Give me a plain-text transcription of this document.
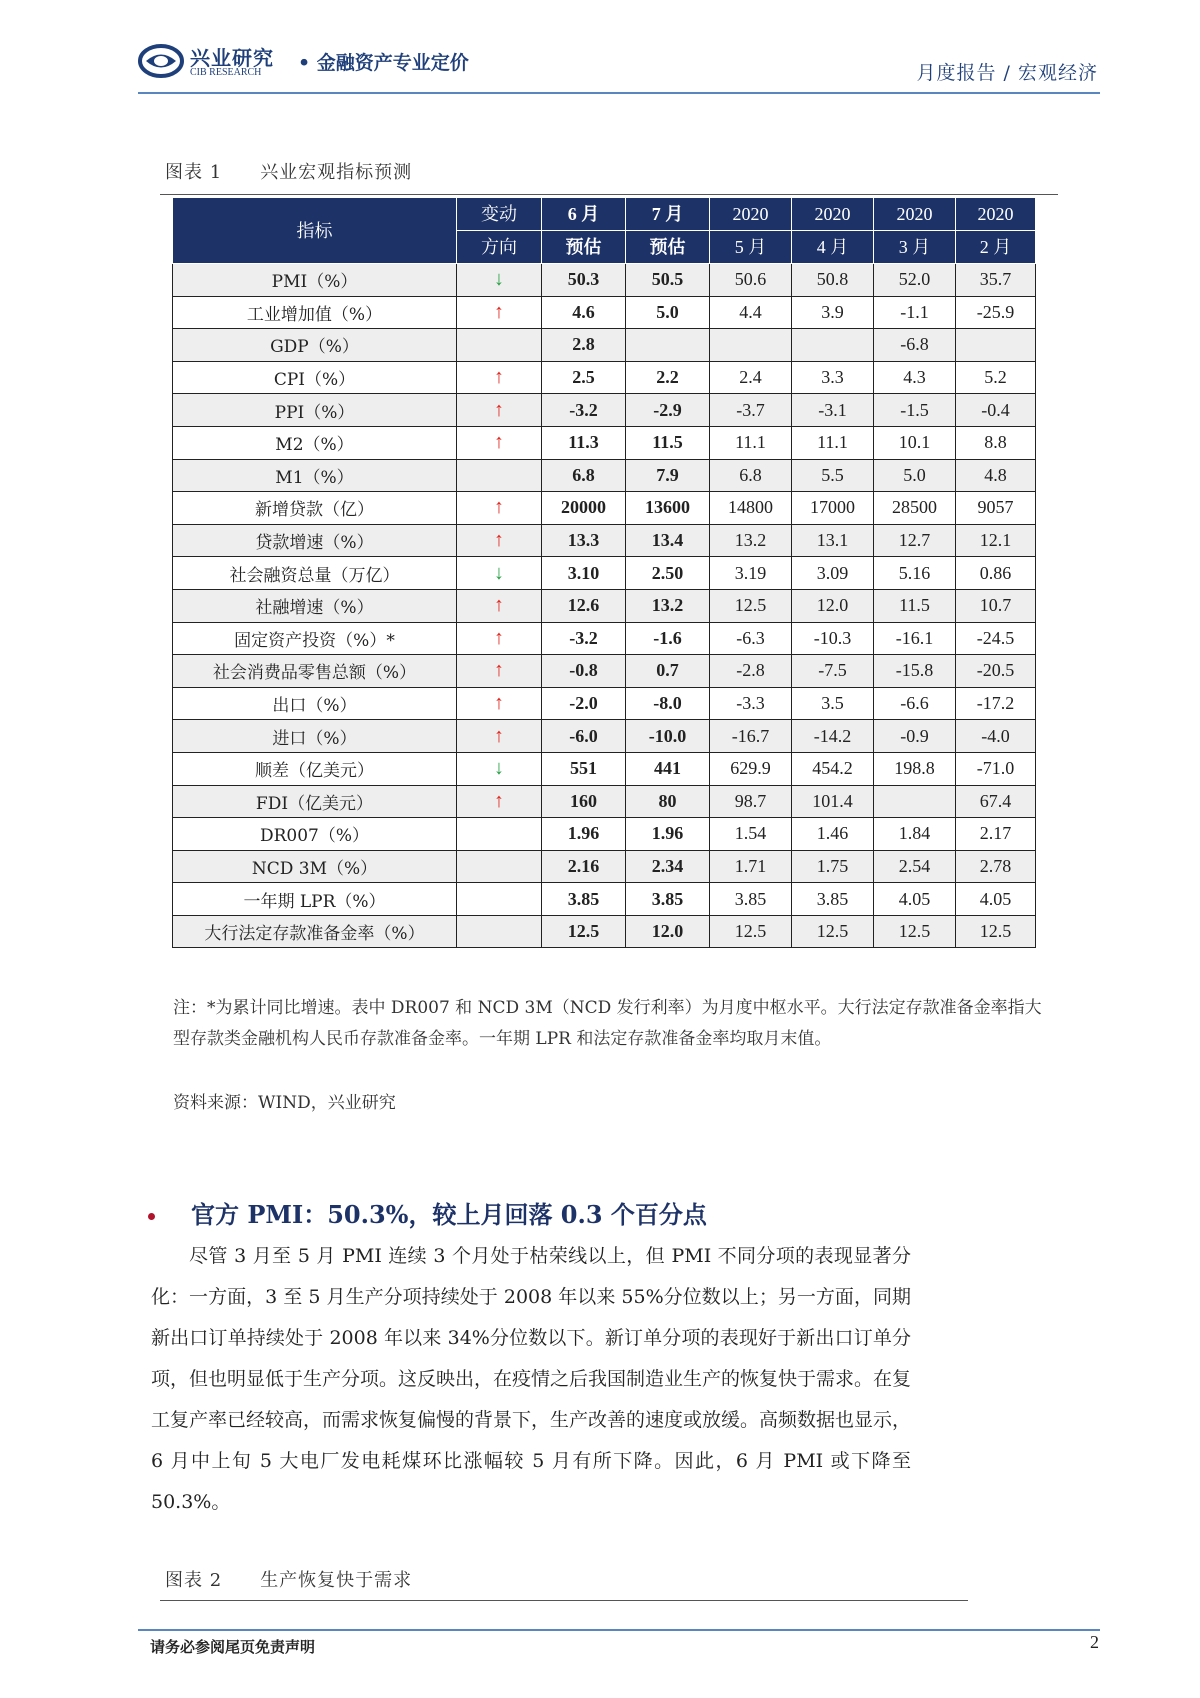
兴业研究
CIB RESEARCH • 金融资产专业定价	月度报告 / 宏观经济
图表 1 兴业宏观指标预测
指标	变动	6 月	7 月	2020	2020	2020	2020
	方向	预估	预估	5 月	4 月	3 月	2 月
PMI（%）	↓	50.3	50.5	50.6	50.8	52.0	35.7
工业增加值（%）	↑	4.6	5.0	4.4	3.9	-1.1	-25.9
GDP（%）		2.8				-6.8	
CPI（%）	↑	2.5	2.2	2.4	3.3	4.3	5.2
PPI（%）	↑	-3.2	-2.9	-3.7	-3.1	-1.5	-0.4
M2（%）	↑	11.3	11.5	11.1	11.1	10.1	8.8
M1（%）		6.8	7.9	6.8	5.5	5.0	4.8
新增贷款（亿）	↑	20000	13600	14800	17000	28500	9057
贷款增速（%）	↑	13.3	13.4	13.2	13.1	12.7	12.1
社会融资总量（万亿）	↓	3.10	2.50	3.19	3.09	5.16	0.86
社融增速（%）	↑	12.6	13.2	12.5	12.0	11.5	10.7
固定资产投资（%）*	↑	-3.2	-1.6	-6.3	-10.3	-16.1	-24.5
社会消费品零售总额（%）	↑	-0.8	0.7	-2.8	-7.5	-15.8	-20.5
出口（%）	↑	-2.0	-8.0	-3.3	3.5	-6.6	-17.2
进口（%）	↑	-6.0	-10.0	-16.7	-14.2	-0.9	-4.0
顺差（亿美元）	↓	551	441	629.9	454.2	198.8	-71.0
FDI（亿美元）	↑	160	80	98.7	101.4		67.4
DR007（%）		1.96	1.96	1.54	1.46	1.84	2.17
NCD 3M（%）		2.16	2.34	1.71	1.75	2.54	2.78
一年期 LPR（%）		3.85	3.85	3.85	3.85	4.05	4.05
大行法定存款准备金率（%）		12.5	12.0	12.5	12.5	12.5	12.5
注：*为累计同比增速。表中 DR007 和 NCD 3M（NCD 发行利率）为月度中枢水平。大行法定存款准备金率指大型存款类金融机构人民币存款准备金率。一年期 LPR 和法定存款准备金率均取月末值。
资料来源：WIND，兴业研究
官方 PMI：50.3%，较上月回落 0.3 个百分点
尽管 3 月至 5 月 PMI 连续 3 个月处于枯荣线以上，但 PMI 不同分项的表现显著分化：一方面，3 至 5 月生产分项持续处于 2008 年以来 55%分位数以上；另一方面，同期新出口订单持续处于 2008 年以来 34%分位数以下。新订单分项的表现好于新出口订单分项，但也明显低于生产分项。这反映出，在疫情之后我国制造业生产的恢复快于需求。在复工复产率已经较高，而需求恢复偏慢的背景下，生产改善的速度或放缓。高频数据也显示，6 月中上旬 5 大电厂发电耗煤环比涨幅较 5 月有所下降。因此，6 月 PMI 或下降至 50.3%。
图表 2 生产恢复快于需求
请务必参阅尾页免责声明	2
